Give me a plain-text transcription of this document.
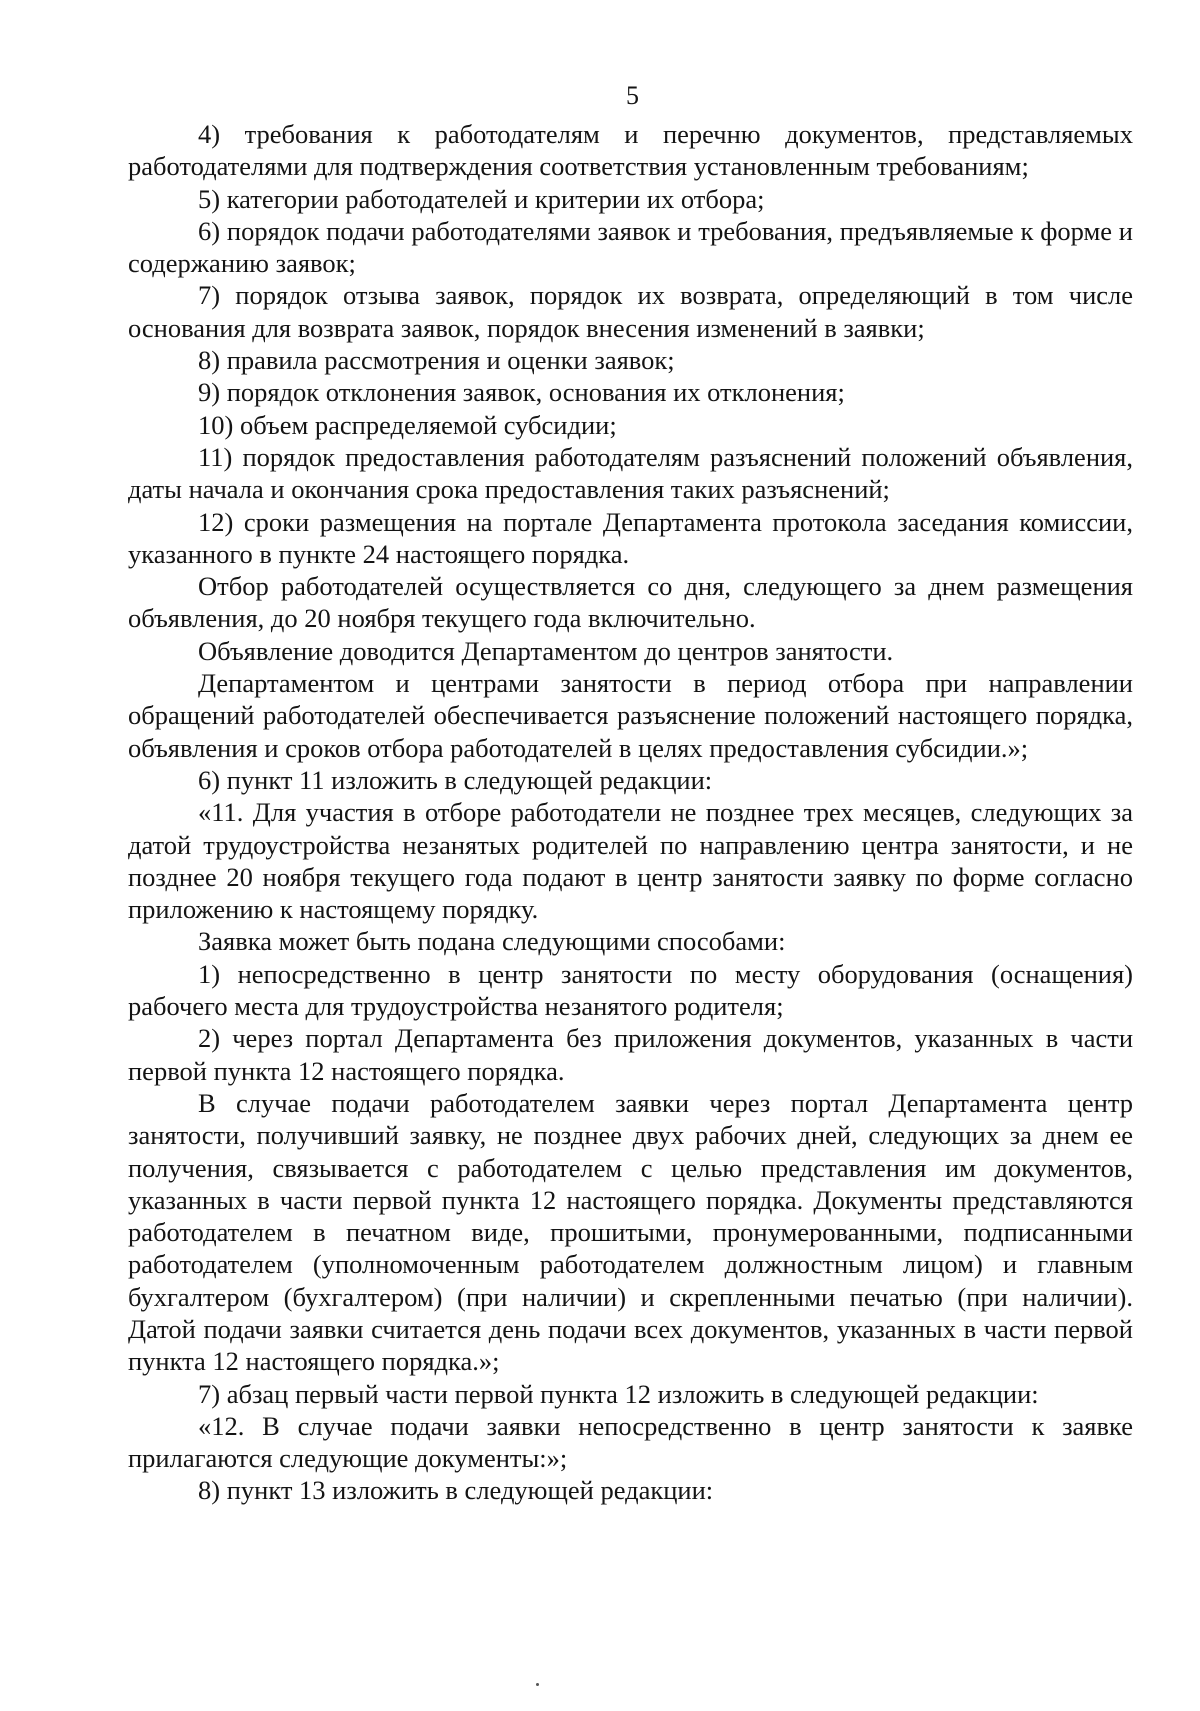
5

4) требования к работодателям и перечню документов, представляемых работодателями для подтверждения соответствия установленным требованиям;

5) категории работодателей и критерии их отбора;

6) порядок подачи работодателями заявок и требования, предъявляемые к форме и содержанию заявок;

7) порядок отзыва заявок, порядок их возврата, определяющий в том числе основания для возврата заявок, порядок внесения изменений в заявки;

8) правила рассмотрения и оценки заявок;

9) порядок отклонения заявок, основания их отклонения;

10) объем распределяемой субсидии;

11) порядок предоставления работодателям разъяснений положений объявления, даты начала и окончания срока предоставления таких разъяснений;

12) сроки размещения на портале Департамента протокола заседания комиссии, указанного в пункте 24 настоящего порядка.

Отбор работодателей осуществляется со дня, следующего за днем размещения объявления, до 20 ноября текущего года включительно.

Объявление доводится Департаментом до центров занятости.

Департаментом и центрами занятости в период отбора при направлении обращений работодателей обеспечивается разъяснение положений настоящего порядка, объявления и сроков отбора работодателей в целях предоставления субсидии.»;

6) пункт 11 изложить в следующей редакции:

«11. Для участия в отборе работодатели не позднее трех месяцев, следующих за датой трудоустройства незанятых родителей по направлению центра занятости, и не позднее 20 ноября текущего года подают в центр занятости заявку по форме согласно приложению к настоящему порядку.

Заявка может быть подана следующими способами:

1) непосредственно в центр занятости по месту оборудования (оснащения) рабочего места для трудоустройства незанятого родителя;

2) через портал Департамента без приложения документов, указанных в части первой пункта 12 настоящего порядка.

В случае подачи работодателем заявки через портал Департамента центр занятости, получивший заявку, не позднее двух рабочих дней, следующих за днем ее получения, связывается с работодателем с целью представления им документов, указанных в части первой пункта 12 настоящего порядка. Документы представляются работодателем в печатном виде, прошитыми, пронумерованными, подписанными работодателем (уполномоченным работодателем должностным лицом) и главным бухгалтером (бухгалтером) (при наличии) и скрепленными печатью (при наличии). Датой подачи заявки считается день подачи всех документов, указанных в части первой пункта 12 настоящего порядка.»;

7) абзац первый части первой пункта 12 изложить в следующей редакции:

«12. В случае подачи заявки непосредственно в центр занятости к заявке прилагаются следующие документы:»;

8) пункт 13 изложить в следующей редакции:
